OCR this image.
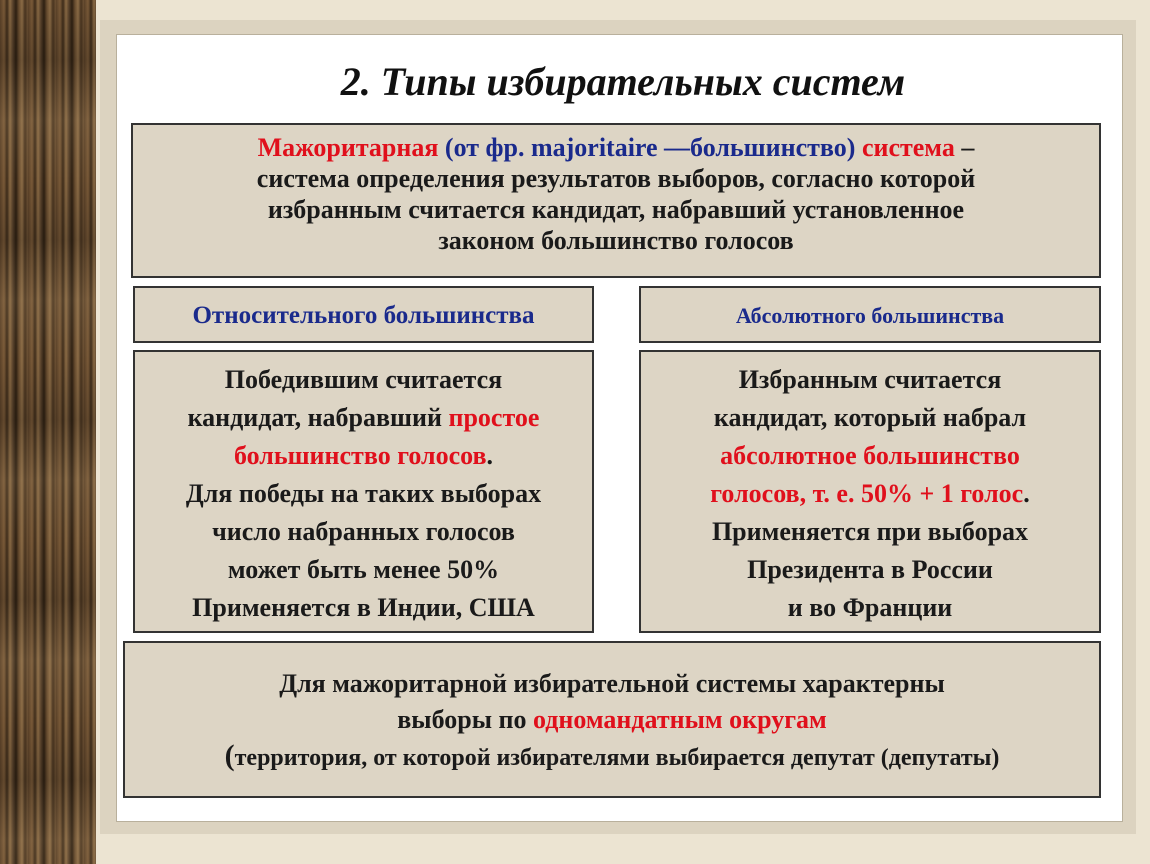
2. Типы избирательных систем

Мажоритарная (от фр. majoritaire —большинство) система –

система определения результатов выборов, согласно которой

избранным считается кандидат, набравший установленное

законом большинство голосов

Относительного большинства	Абсолютного большинства

Победившим считается

кандидат, набравший простое

большинство голосов.

Для победы на таких выборах

число набранных голосов

может быть менее 50%

Применяется в Индии, США

Избранным считается

кандидат, который набрал

абсолютное большинство

голосов, т. е. 50% + 1 голос.

Применяется при выборах

Президента в России

и во Франции

Для мажоритарной избирательной системы характерны

выборы по одномандатным округам

(территория, от которой избирателями выбирается депутат (депутаты)
